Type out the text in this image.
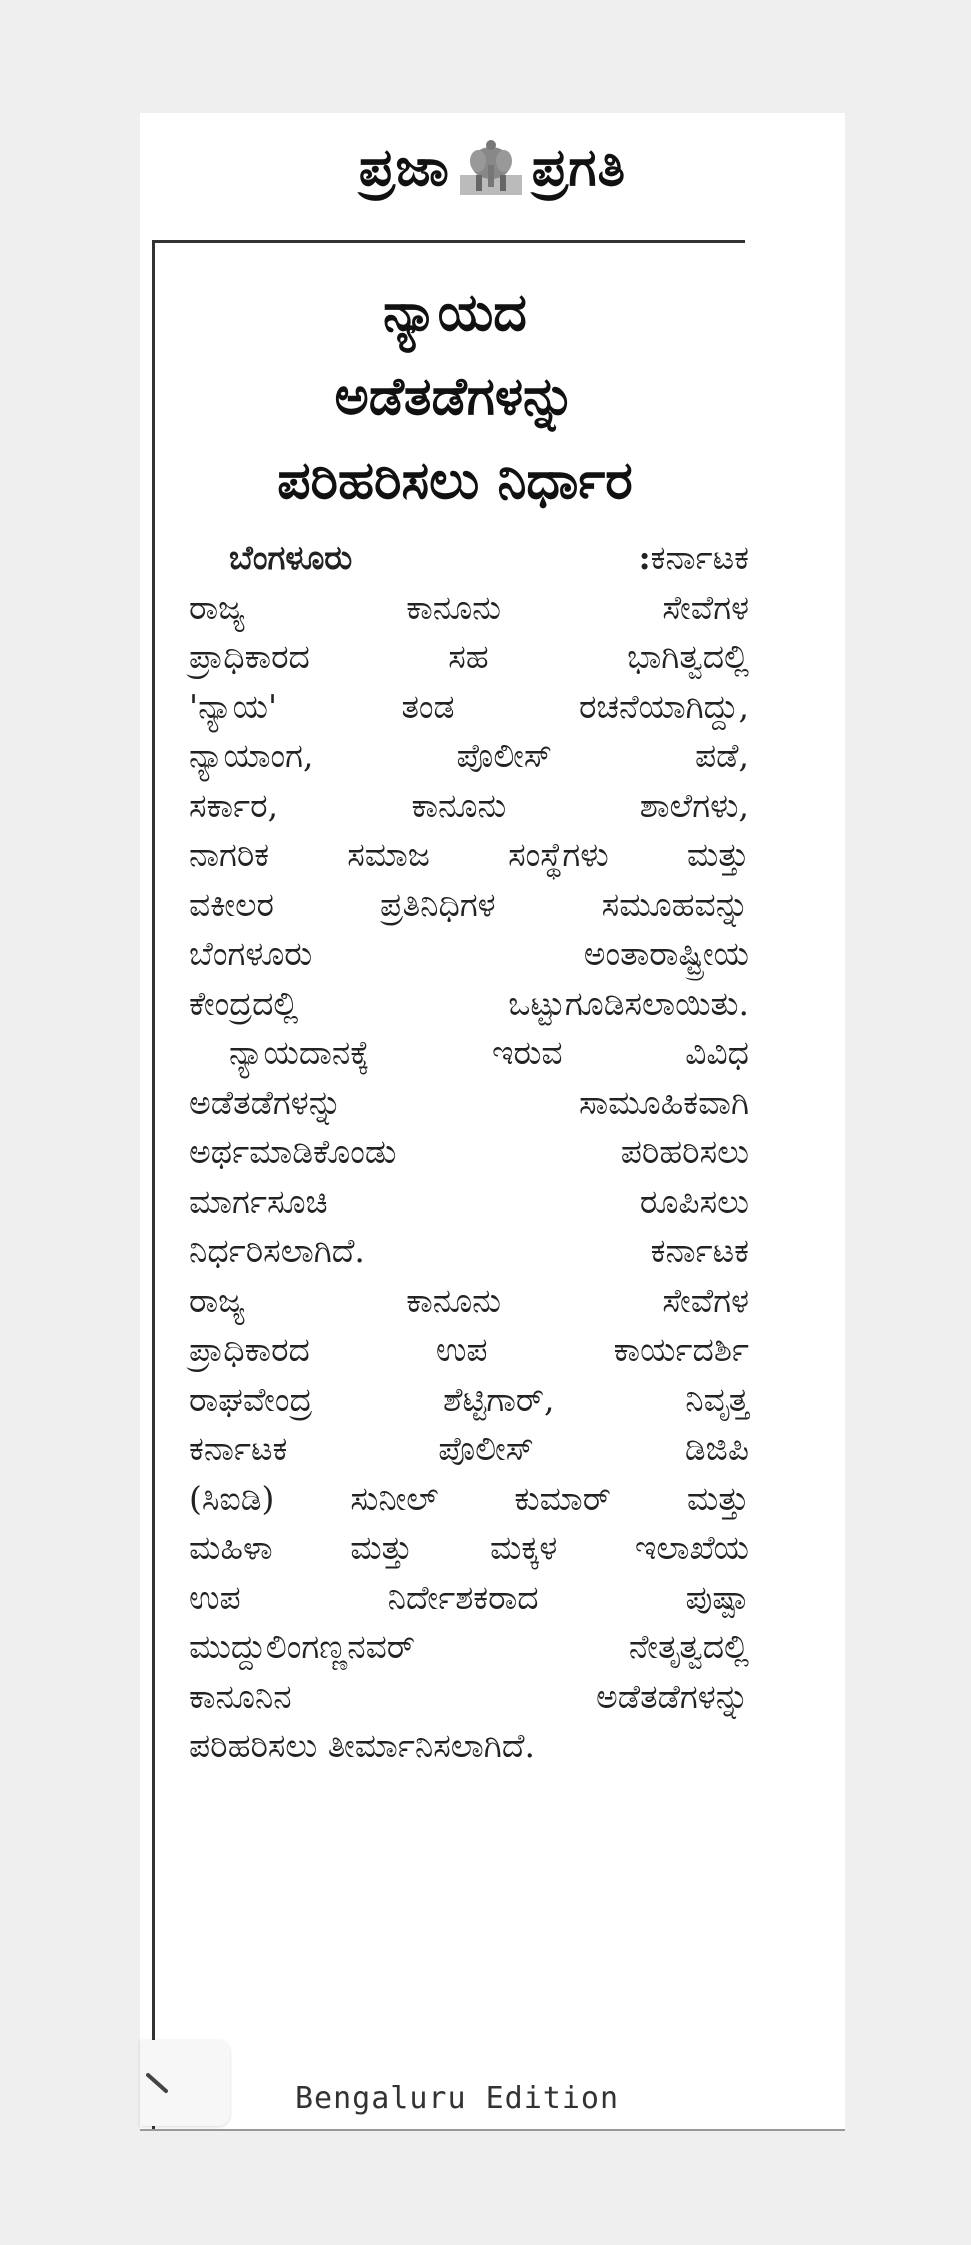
ಪ್ರಜಾ ಪ್ರಗತಿ
ನ್ಯಾಯದ
ಅಡೆತಡೆಗಳನ್ನು
ಪರಿಹರಿಸಲು ನಿರ್ಧಾರ
ಬೆಂಗಳೂರು : ಕರ್ನಾಟಕ
ರಾಜ್ಯ ಕಾನೂನು ಸೇವೆಗಳ
ಪ್ರಾಧಿಕಾರದ ಸಹ ಭಾಗಿತ್ವದಲ್ಲಿ
'ನ್ಯಾಯ' ತಂಡ ರಚನೆಯಾಗಿದ್ದು,
ನ್ಯಾಯಾಂಗ, ಪೊಲೀಸ್ ಪಡೆ,
ಸರ್ಕಾರ, ಕಾನೂನು ಶಾಲೆಗಳು,
ನಾಗರಿಕ ಸಮಾಜ ಸಂಸ್ಥೆಗಳು ಮತ್ತು
ವಕೀಲರ ಪ್ರತಿನಿಧಿಗಳ ಸಮೂಹವನ್ನು
ಬೆಂಗಳೂರು ಅಂತಾರಾಷ್ಟ್ರೀಯ
ಕೇಂದ್ರದಲ್ಲಿ ಒಟ್ಟುಗೂಡಿಸಲಾಯಿತು.
ನ್ಯಾಯದಾನಕ್ಕೆ ಇರುವ ವಿವಿಧ
ಅಡೆತಡೆಗಳನ್ನು ಸಾಮೂಹಿಕವಾಗಿ
ಅರ್ಥಮಾಡಿಕೊಂಡು ಪರಿಹರಿಸಲು
ಮಾರ್ಗಸೂಚಿ ರೂಪಿಸಲು
ನಿರ್ಧರಿಸಲಾಗಿದೆ. ಕರ್ನಾಟಕ
ರಾಜ್ಯ ಕಾನೂನು ಸೇವೆಗಳ
ಪ್ರಾಧಿಕಾರದ ಉಪ ಕಾರ್ಯದರ್ಶಿ
ರಾಘವೇಂದ್ರ ಶೆಟ್ಟಿಗಾರ್, ನಿವೃತ್ತ
ಕರ್ನಾಟಕ ಪೊಲೀಸ್ ಡಿಜಿಪಿ
(ಸಿಐಡಿ) ಸುನೀಲ್ ಕುಮಾರ್ ಮತ್ತು
ಮಹಿಳಾ ಮತ್ತು ಮಕ್ಕಳ ಇಲಾಖೆಯ
ಉಪ ನಿರ್ದೇಶಕರಾದ ಪುಷ್ಪಾ
ಮುದ್ದುಲಿಂಗಣ್ಣನವರ್ ನೇತೃತ್ವದಲ್ಲಿ
ಕಾನೂನಿನ ಅಡೆತಡೆಗಳನ್ನು
ಪರಿಹರಿಸಲು ತೀರ್ಮಾನಿಸಲಾಗಿದೆ.
Bengaluru Edition
